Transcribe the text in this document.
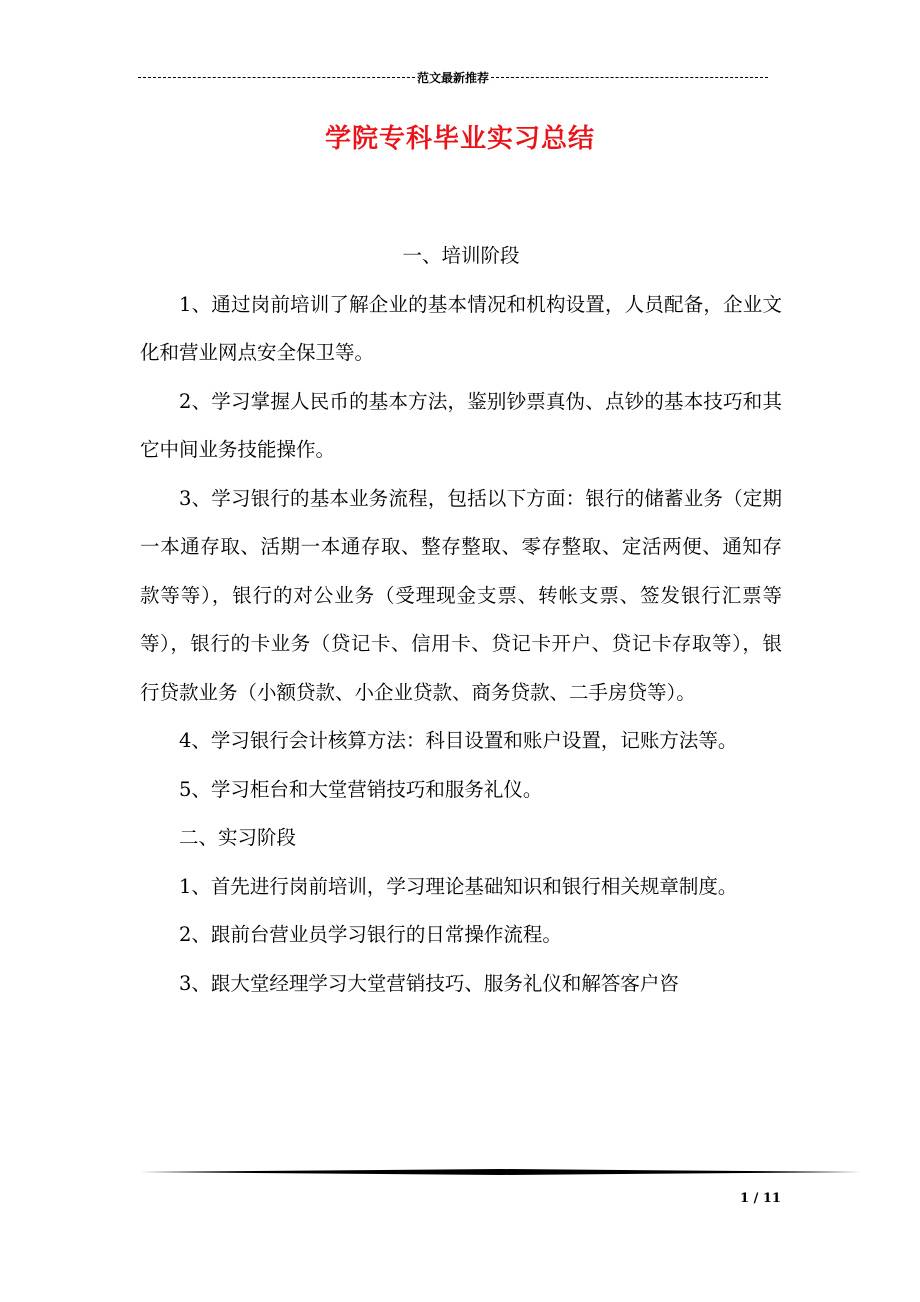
范文最新推荐
学院专科毕业实习总结

一、培训阶段

1、通过岗前培训了解企业的基本情况和机构设置，人员配备，企业文化和营业网点安全保卫等。

2、学习掌握人民币的基本方法，鉴别钞票真伪、点钞的基本技巧和其它中间业务技能操作。

3、学习银行的基本业务流程，包括以下方面：银行的储蓄业务（定期一本通存取、活期一本通存取、整存整取、零存整取、定活两便、通知存款等等），银行的对公业务（受理现金支票、转帐支票、签发银行汇票等等），银行的卡业务（贷记卡、信用卡、贷记卡开户、贷记卡存取等），银行贷款业务（小额贷款、小企业贷款、商务贷款、二手房贷等）。

4、学习银行会计核算方法：科目设置和账户设置，记账方法等。

5、学习柜台和大堂营销技巧和服务礼仪。

二、实习阶段

1、首先进行岗前培训，学习理论基础知识和银行相关规章制度。

2、跟前台营业员学习银行的日常操作流程。

3、跟大堂经理学习大堂营销技巧、服务礼仪和解答客户咨

1 / 11
